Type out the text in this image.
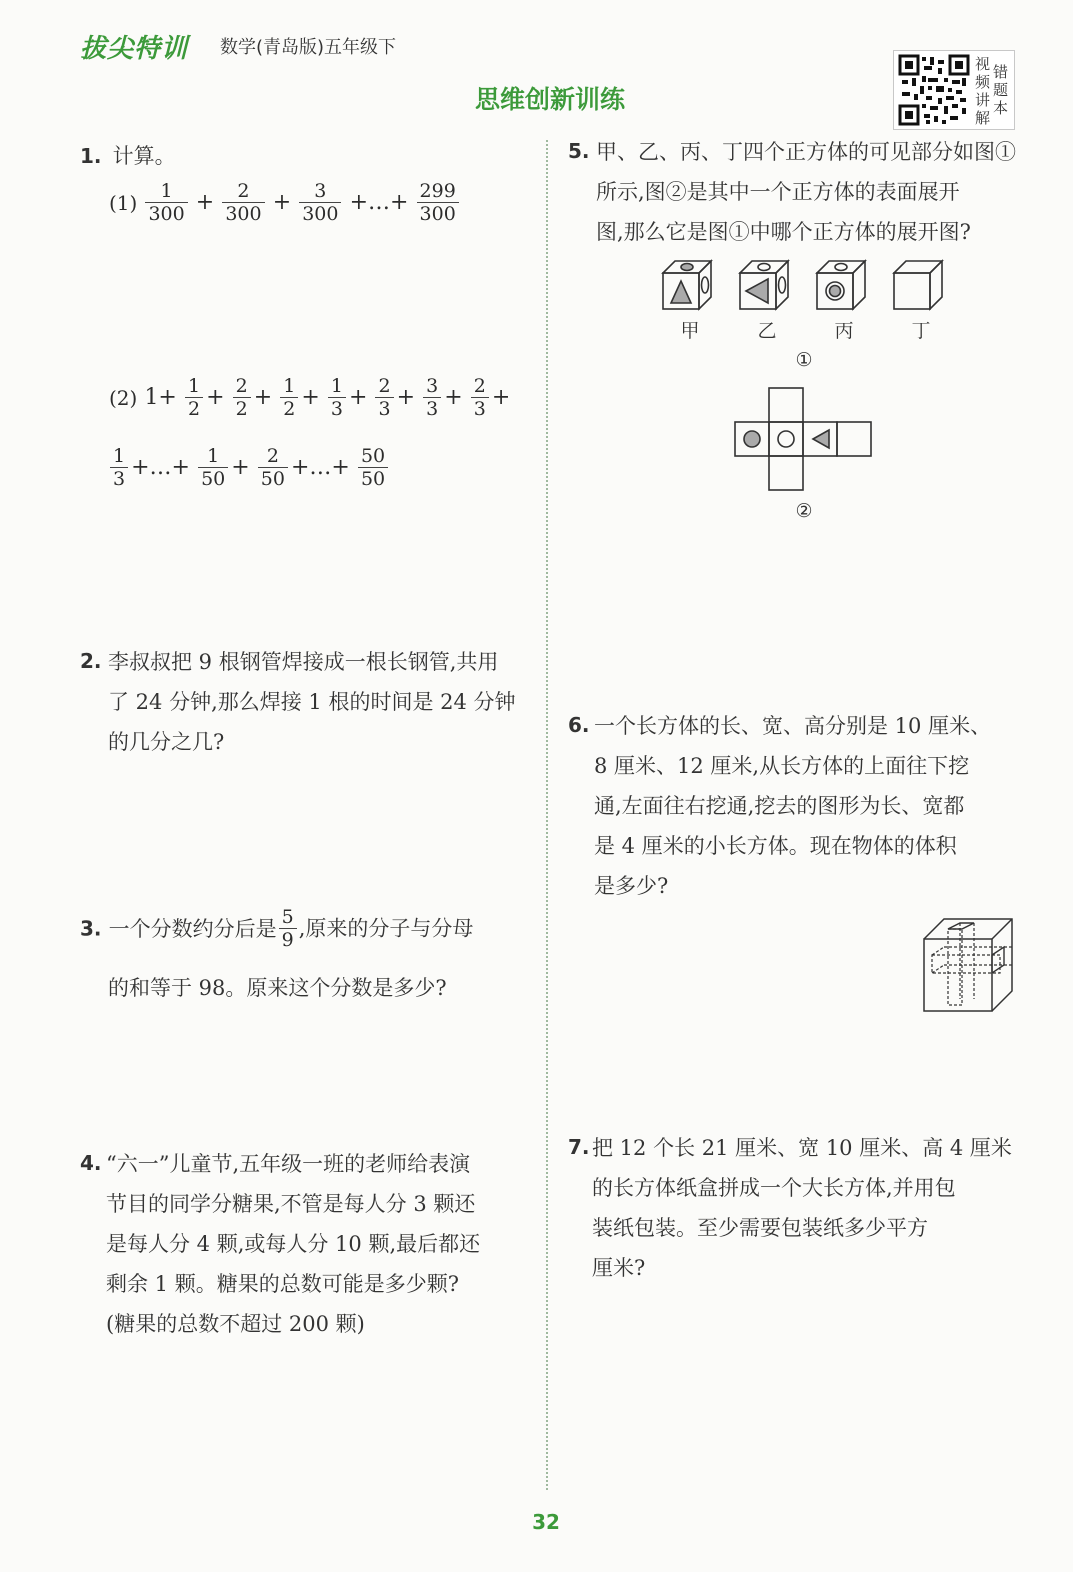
拔尖特训 数学(青岛版)五年级下
思维创新训练
视频讲解
错题本
1. 计算。
$(1) \frac{1}{300} + \frac{2}{300} + \frac{3}{300}$ +…+ $\frac{299}{300}$
(2) $1+ \frac{1}{2} + \frac{2}{2} + \frac{1}{2} + \frac{1}{3} + \frac{2}{3} + \frac{3}{3} + \frac{2}{3}$ +
$\frac{1}{3}$ +…+ $\frac{1}{50} + \frac{2}{50}$ +…+ $\frac{50}{50}$
2. 李叔叔把 9 根钢管焊接成一根长钢管,共用
了 24 分钟,那么焊接 1 根的时间是 24 分钟
的几分之几?
3. 一个分数约分后是 $\frac{5}{9}$ ,原来的分子与分母
的和等于 98。原来这个分数是多少?
4. “六一”儿童节,五年级一班的老师给表演
节目的同学分糖果,不管是每人分 3 颗还
是每人分 4 颗,或每人分 10 颗,最后都还
剩余 1 颗。糖果的总数可能是多少颗?
(糖果的总数不超过 200 颗)
5. 甲、乙、丙、丁四个正方体的可见部分如图①
所示,图②是其中一个正方体的表面展开
图,那么它是图①中哪个正方体的展开图?
甲	乙	丙	丁
①
②
6. 一个长方体的长、宽、高分别是 10 厘米、
8 厘米、12 厘米,从长方体的上面往下挖
通,左面往右挖通,挖去的图形为长、宽都
是 4 厘米的小长方体。现在物体的体积
是多少?
7. 把 12 个长 21 厘米、宽 10 厘米、高 4 厘米
的长方体纸盒拼成一个大长方体,并用包
装纸包装。至少需要包装纸多少平方
厘米?
32
